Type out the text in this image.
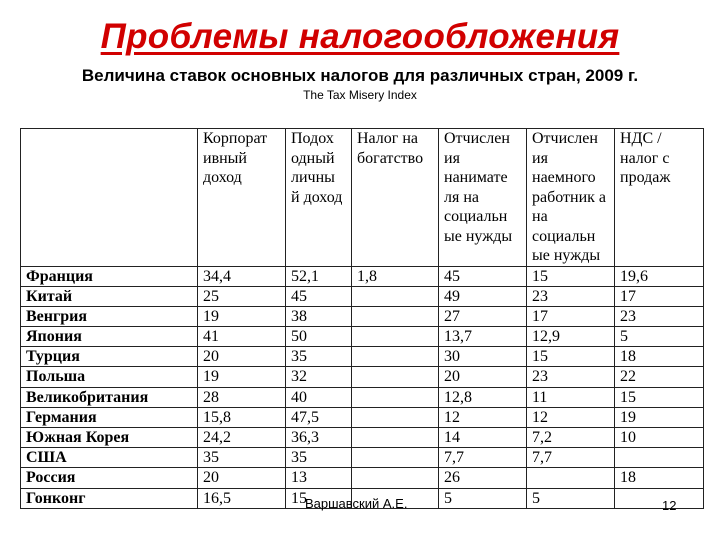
Проблемы налогообложения
Величина ставок основных налогов для различных стран, 2009 г.
The Tax Misery Index
	Корпорат ивный доход	Подох одный личны й доход	Налог на богатство	Отчислен ия нанимате ля на социальн ые нужды	Отчислен ия наемного работник а на социальн ые нужды	НДС / налог с продаж
Франция	34,4	52,1	1,8	45	15	19,6
Китай	25	45		49	23	17
Венгрия	19	38		27	17	23
Япония	41	50		13,7	12,9	5
Турция	20	35		30	15	18
Польша	19	32		20	23	22
Великобритания	28	40		12,8	11	15
Германия	15,8	47,5		12	12	19
Южная Корея	24,2	36,3		14	7,2	10
США	35	35		7,7	7,7	
Россия	20	13		26		18
Гонконг	16,5	15		5	5	
Варшавский А.Е.	12
